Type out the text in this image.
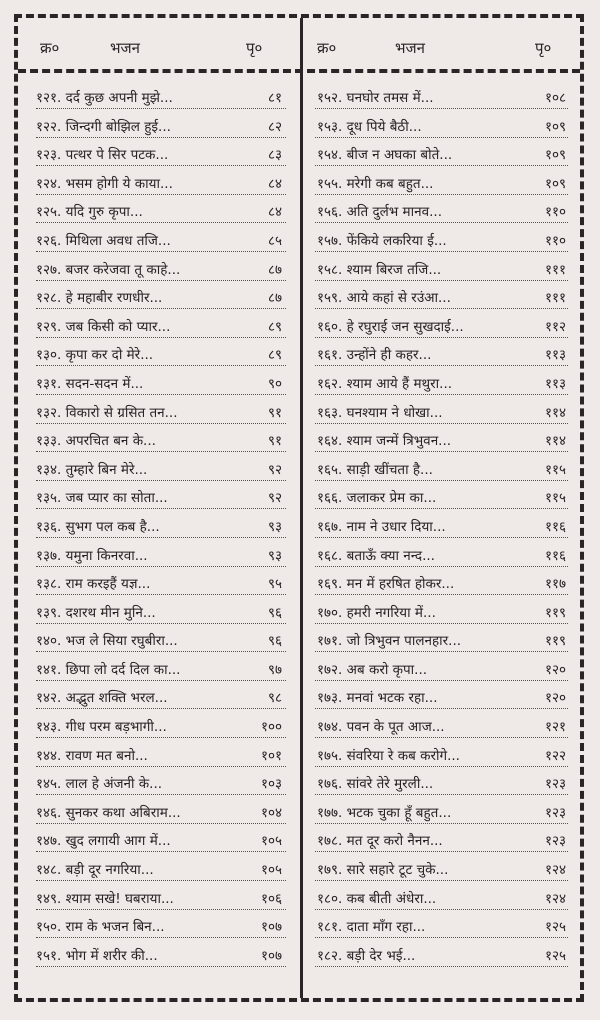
क्र०	भजन	पृ०
१२१. दर्द कुछ अपनी मुझे...	८१
१२२. जिन्दगी बोझिल हुई...	८२
१२३. पत्थर पे सिर पटक...	८३
१२४. भसम होगी ये काया...	८४
१२५. यदि गुरु कृपा...	८४
१२६. मिथिला अवध तजि...	८५
१२७. बजर करेजवा तू काहे...	८७
१२८. हे महाबीर रणधीर...	८७
१२९. जब किसी को प्यार...	८९
१३०. कृपा कर दो मेरे...	८९
१३१. सदन-सदन में...	९०
१३२. विकारो से ग्रसित तन...	९१
१३३. अपरचित बन के...	९१
१३४. तुम्हारे बिन मेरे...	९२
१३५. जब प्यार का सोता...	९२
१३६. सुभग पल कब है...	९३
१३७. यमुना किनरवा...	९३
१३८. राम करइहैं यज्ञ...	९५
१३९. दशरथ मीन मुनि...	९६
१४०. भज ले सिया रघुबीरा...	९६
१४१. छिपा लो दर्द दिल का...	९७
१४२. अद्भुत शक्ति भरल...	९८
१४३. गीध परम बड़भागी...	१००
१४४. रावण मत बनो...	१०१
१४५. लाल हे अंजनी के...	१०३
१४६. सुनकर कथा अबिराम...	१०४
१४७. खुद लगायी आग में...	१०५
१४८. बड़ी दूर नगरिया...	१०५
१४९. श्याम सखे! घबराया...	१०६
१५०. राम के भजन बिन...	१०७
१५१. भोग में शरीर की...	१०७
क्र०	भजन	पृ०
१५२. घनघोर तमस में...	१०८
१५३. दूध पिये बैठी...	१०९
१५४. बीज न अघका बोते...	१०९
१५५. मरेगी कब बहुत...	१०९
१५६. अति दुर्लभ मानव...	११०
१५७. फेंकिये लकरिया ई...	११०
१५८. श्याम बिरज तजि...	१११
१५९. आये कहां से रउंआ...	१११
१६०. हे रघुराई जन सुखदाई...	११२
१६१. उन्होंने ही कहर...	११३
१६२. श्याम आये हैं मथुरा...	११३
१६३. घनश्याम ने धोखा...	११४
१६४. श्याम जन्में त्रिभुवन...	११४
१६५. साड़ी खींचता है...	११५
१६६. जलाकर प्रेम का...	११५
१६७. नाम ने उधार दिया...	११६
१६८. बताऊँ क्या नन्द...	११६
१६९. मन में हरषित होकर...	११७
१७०. हमरी नगरिया में...	११९
१७१. जो त्रिभुवन पालनहार...	११९
१७२. अब करो कृपा...	१२०
१७३. मनवां भटक रहा...	१२०
१७४. पवन के पूत आज...	१२१
१७५. संवरिया रे कब करोगे...	१२२
१७६. सांवरे तेरे मुरली...	१२३
१७७. भटक चुका हूँ बहुत...	१२३
१७८. मत दूर करो नैनन...	१२३
१७९. सारे सहारे टूट चुके...	१२४
१८०. कब बीती अंधेरा...	१२४
१८१. दाता माँग रहा...	१२५
१८२. बड़ी देर भई...	१२५
